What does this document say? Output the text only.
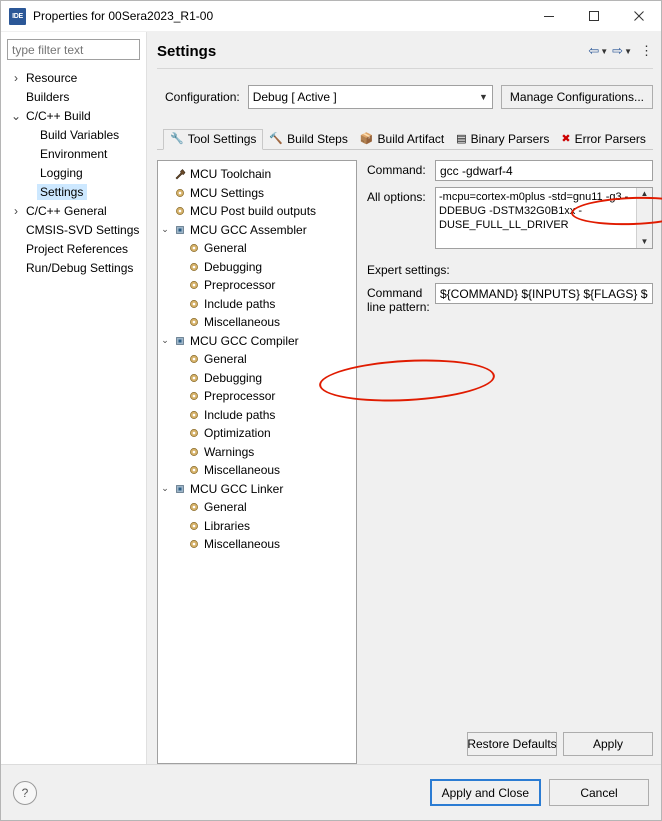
IDE Properties for 00Sera2023_R1-00
type filter text
› Resource
Builders
⌄ C/C++ Build
Build Variables
Environment
Logging
Settings
› C/C++ General
CMSIS-SVD Settings
Project References
Run/Debug Settings
Settings	⇦ ▼ ⇨ ▼ ⋮
Configuration: Debug [ Active ]	▼	Manage Configurations...
🔧 Tool Settings 🔨 Build Steps 📦 Build Artifact ▤ Binary Parsers ✖ Error Parsers
MCU Toolchain
MCU Settings
MCU Post build outputs
⌄ MCU GCC Assembler
General
Debugging
Preprocessor
Include paths
Miscellaneous
⌄ MCU GCC Compiler
General
Debugging
Preprocessor
Include paths
Optimization
Warnings
Miscellaneous
⌄ MCU GCC Linker
General
Libraries
Miscellaneous
Command:
gcc -gdwarf-4
All options:	-mcpu=cortex-m0plus -std=gnu11 -g3 -DDEBUG -DSTM32G0B1xx -DUSE_FULL_LL_DRIVER
▲
▼
Expert settings:
Command
line pattern:
${COMMAND} ${INPUTS} ${FLAGS} ${
Restore Defaults	Apply
?	Apply and Close	Cancel
